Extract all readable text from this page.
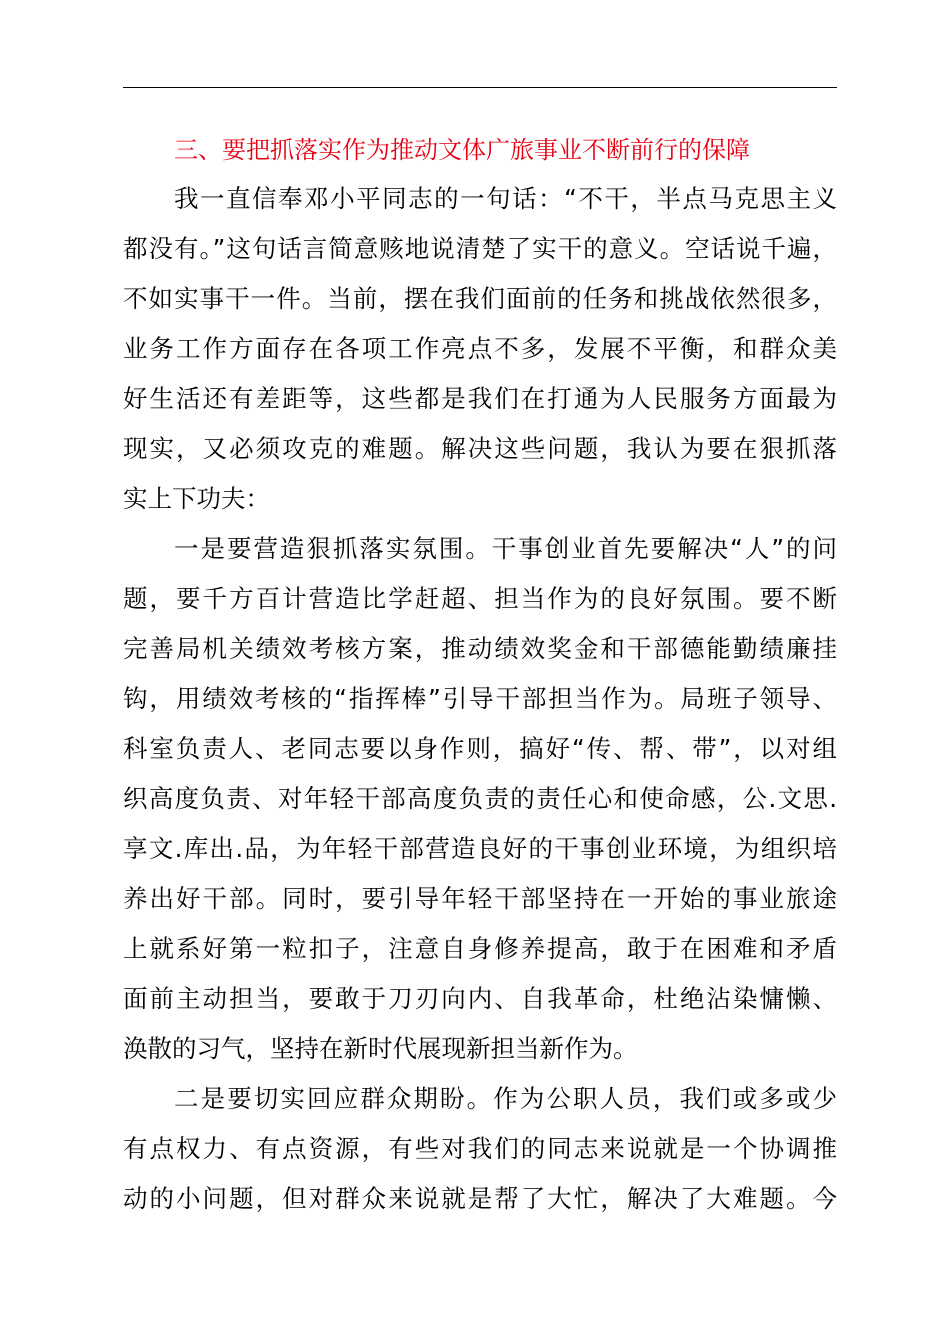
三、要把抓落实作为推动文体广旅事业不断前行的保障
我一直信奉邓小平同志的一句话：“不干，半点马克思主义
都没有。”这句话言简意赅地说清楚了实干的意义。空话说千遍，
不如实事干一件。当前，摆在我们面前的任务和挑战依然很多，
业务工作方面存在各项工作亮点不多，发展不平衡，和群众美
好生活还有差距等，这些都是我们在打通为人民服务方面最为
现实，又必须攻克的难题。解决这些问题，我认为要在狠抓落
实上下功夫：
一是要营造狠抓落实氛围。干事创业首先要解决“人”的问
题，要千方百计营造比学赶超、担当作为的良好氛围。要不断
完善局机关绩效考核方案，推动绩效奖金和干部德能勤绩廉挂
钩，用绩效考核的“指挥棒”引导干部担当作为。局班子领导、
科室负责人、老同志要以身作则，搞好“传、帮、带”，以对组
织高度负责、对年轻干部高度负责的责任心和使命感，公.文思.
享文.库出.品，为年轻干部营造良好的干事创业环境，为组织培
养出好干部。同时，要引导年轻干部坚持在一开始的事业旅途
上就系好第一粒扣子，注意自身修养提高，敢于在困难和矛盾
面前主动担当，要敢于刀刃向内、自我革命，杜绝沾染慵懒、
涣散的习气，坚持在新时代展现新担当新作为。
二是要切实回应群众期盼。作为公职人员，我们或多或少
有点权力、有点资源，有些对我们的同志来说就是一个协调推
动的小问题，但对群众来说就是帮了大忙，解决了大难题。今
